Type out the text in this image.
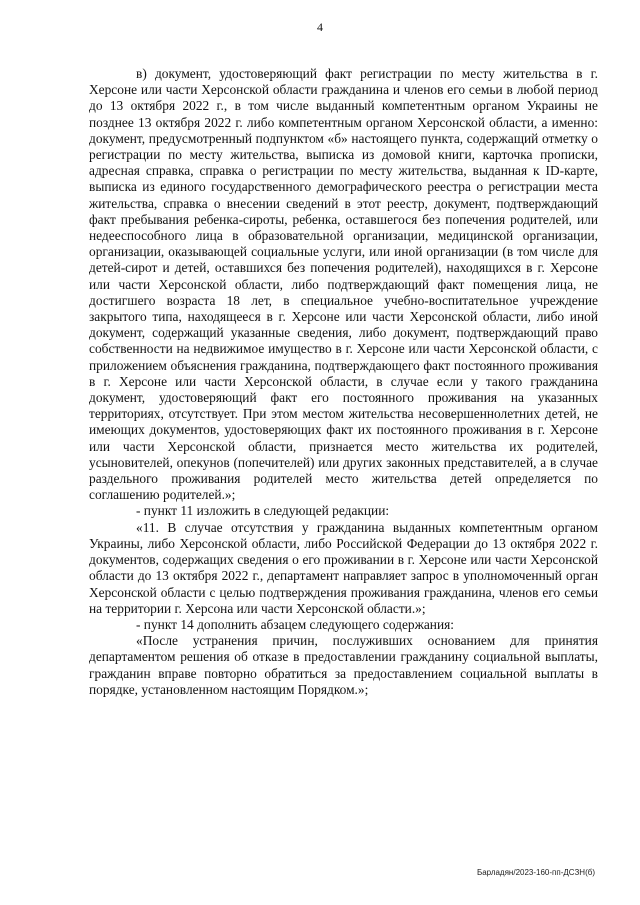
4

в) документ, удостоверяющий факт регистрации по месту жительства в г. Херсоне или части Херсонской области гражданина и членов его семьи в любой период до 13 октября 2022 г., в том числе выданный компетентным органом Украины не позднее 13 октября 2022 г. либо компетентным органом Херсонской области, а именно: документ, предусмотренный подпунктом «б» настоящего пункта, содержащий отметку о регистрации по месту жительства, выписка из домовой книги, карточка прописки, адресная справка, справка о регистрации по месту жительства, выданная к ID-карте, выписка из единого государственного демографического реестра о регистрации места жительства, справка о внесении сведений в этот реестр, документ, подтверждающий факт пребывания ребенка-сироты, ребенка, оставшегося без попечения родителей, или недееспособного лица в образовательной организации, медицинской организации, организации, оказывающей социальные услуги, или иной организации (в том числе для детей-сирот и детей, оставшихся без попечения родителей), находящихся в г. Херсоне или части Херсонской области, либо подтверждающий факт помещения лица, не достигшего возраста 18 лет, в специальное учебно-воспитательное учреждение закрытого типа, находящееся в г. Херсоне или части Херсонской области, либо иной документ, содержащий указанные сведения, либо документ, подтверждающий право собственности на недвижимое имущество в г. Херсоне или части Херсонской области, с приложением объяснения гражданина, подтверждающего факт постоянного проживания в г. Херсоне или части Херсонской области, в случае если у такого гражданина документ, удостоверяющий факт его постоянного проживания на указанных территориях, отсутствует. При этом местом жительства несовершеннолетних детей, не имеющих документов, удостоверяющих факт их постоянного проживания в г. Херсоне или части Херсонской области, признается место жительства их родителей, усыновителей, опекунов (попечителей) или других законных представителей, а в случае раздельного проживания родителей место жительства детей определяется по соглашению родителей.»;

- пункт 11 изложить в следующей редакции:

«11. В случае отсутствия у гражданина выданных компетентным органом Украины, либо Херсонской области, либо Российской Федерации до 13 октября 2022 г. документов, содержащих сведения о его проживании в г. Херсоне или части Херсонской области до 13 октября 2022 г., департамент направляет запрос в уполномоченный орган Херсонской области с целью подтверждения проживания гражданина, членов его семьи на территории г. Херсона или части Херсонской области.»;

- пункт 14 дополнить абзацем следующего содержания:

«После устранения причин, послуживших основанием для принятия департаментом решения об отказе в предоставлении гражданину социальной выплаты, гражданин вправе повторно обратиться за предоставлением социальной выплаты в порядке, установленном настоящим Порядком.»;

Барладян/2023-160-пп-ДСЗН(б)
